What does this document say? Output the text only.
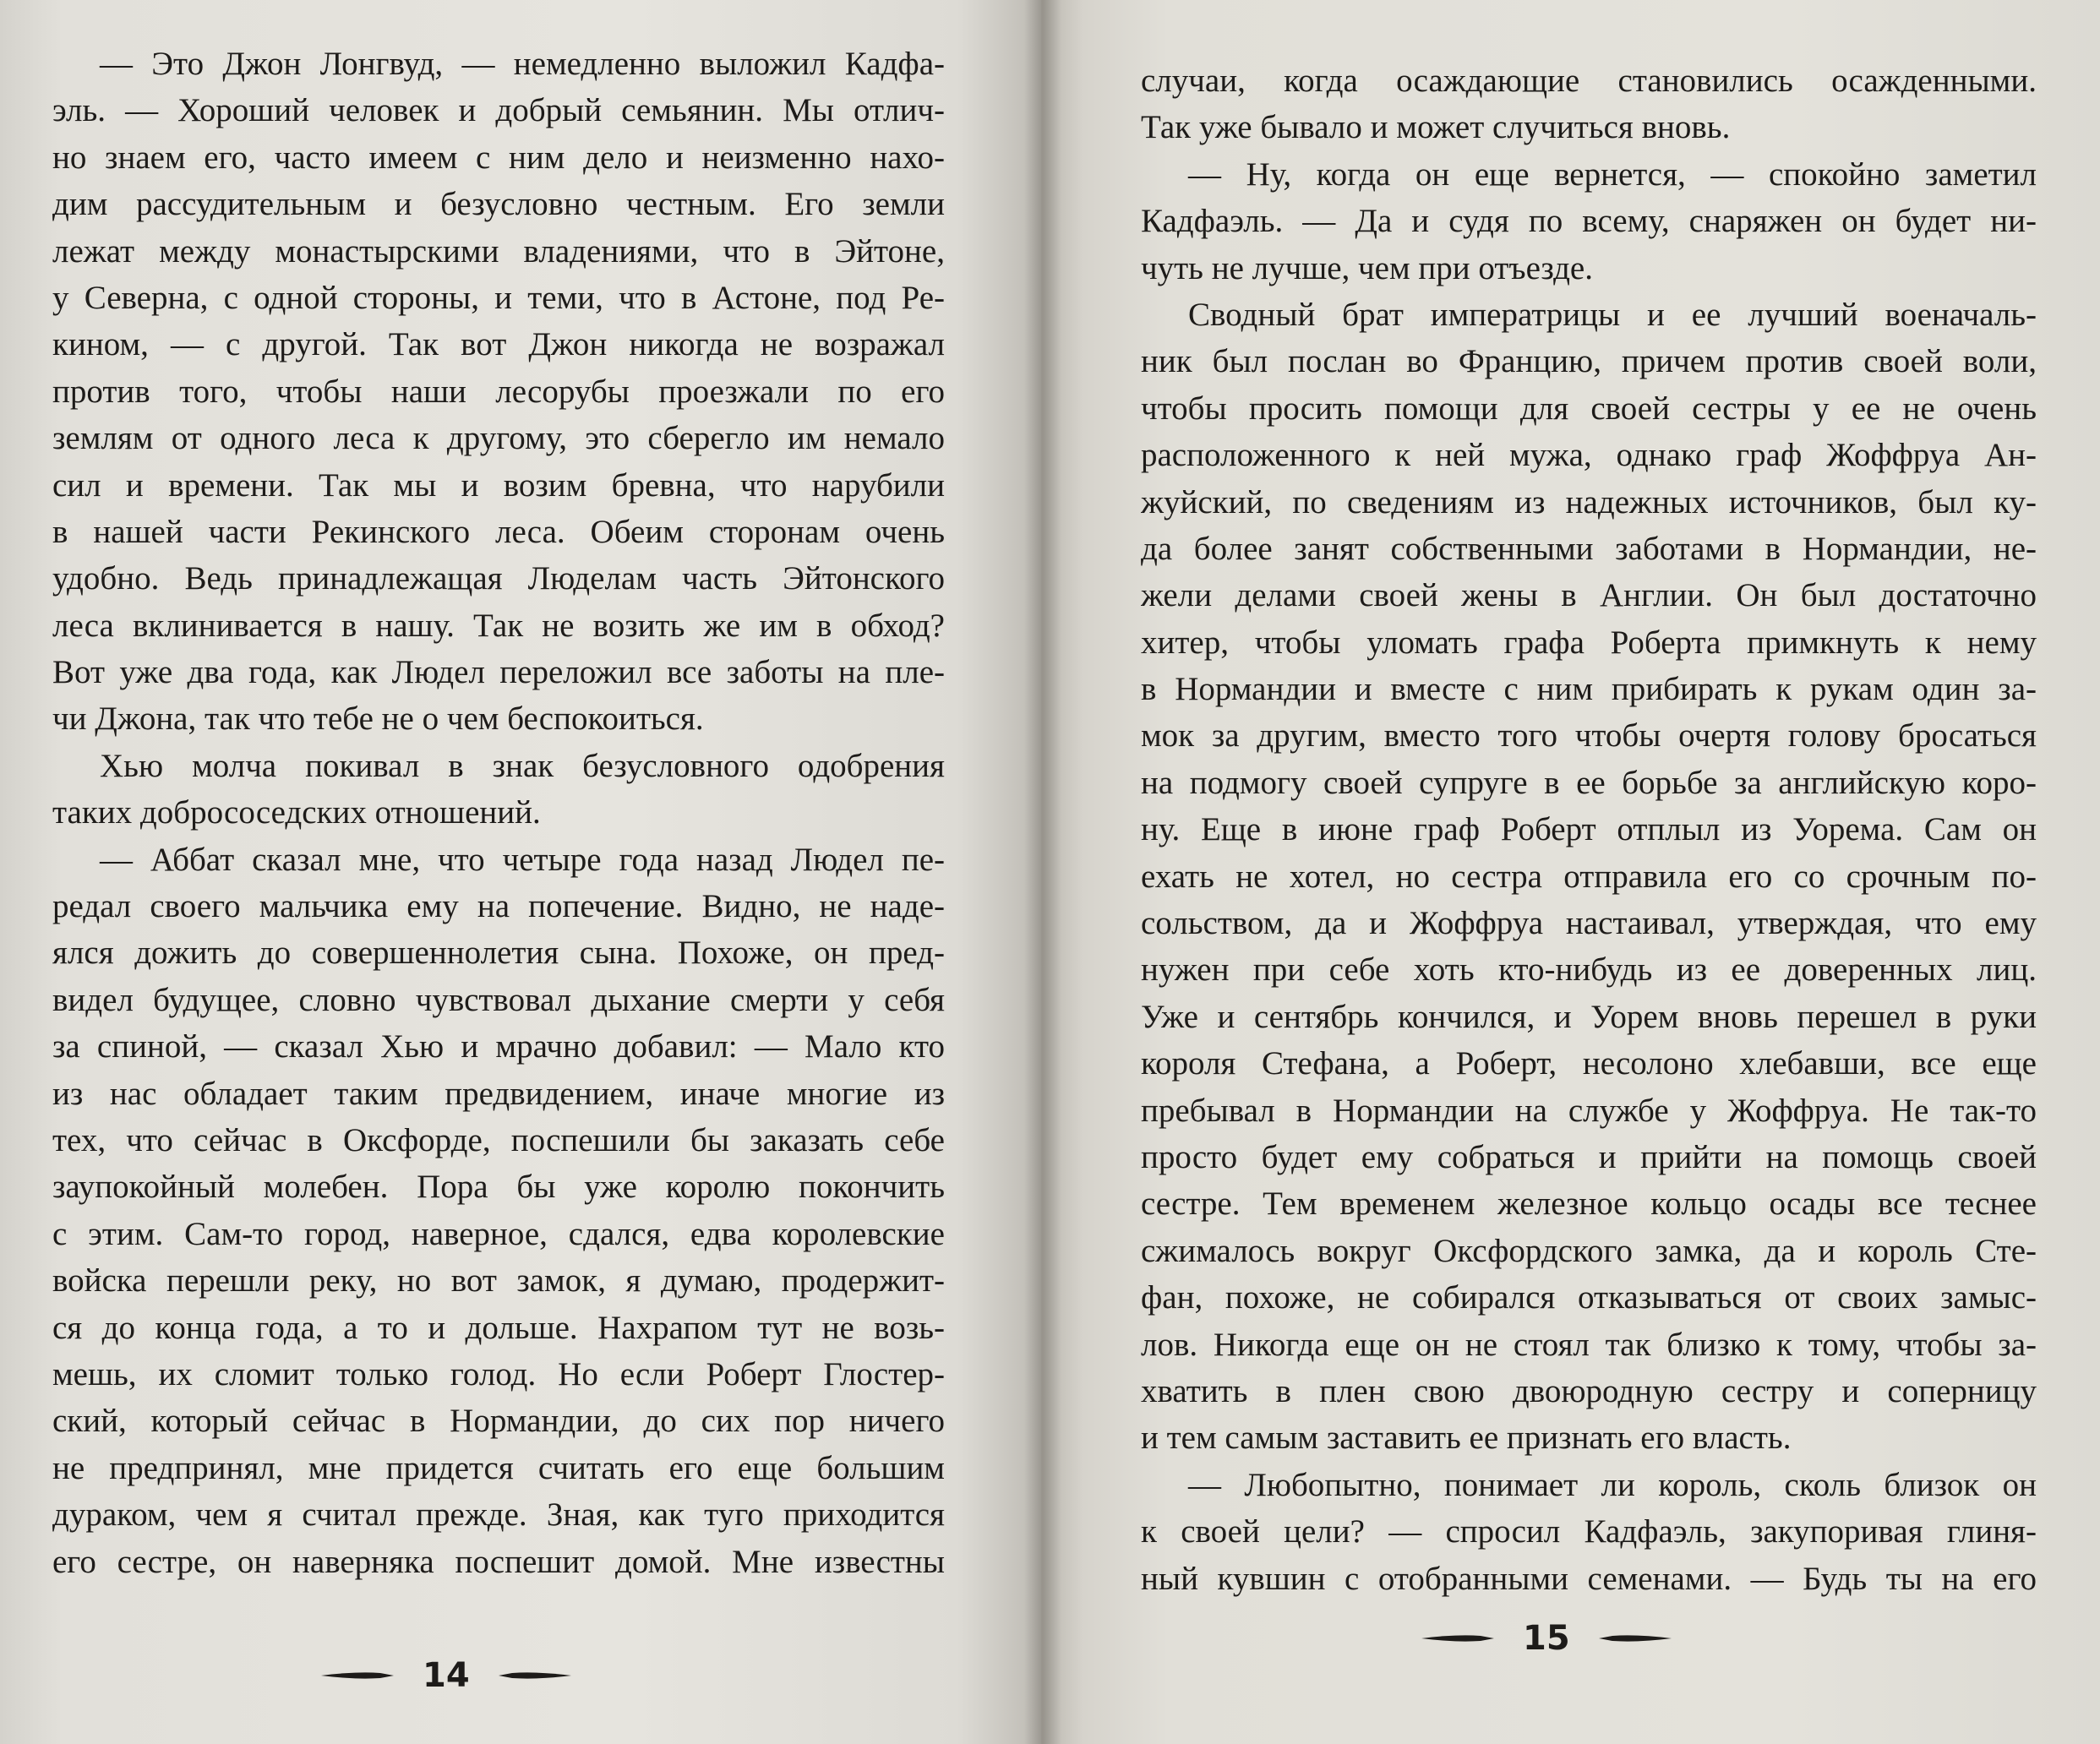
— Это Джон Лонгвуд, — немедленно выложил Кадфа-
эль. — Хороший человек и добрый семьянин. Мы отлич-
но знаем его, часто имеем с ним дело и неизменно нахо-
дим рассудительным и безусловно честным. Его земли
лежат между монастырскими владениями, что в Эйтоне,
у Северна, с одной стороны, и теми, что в Астоне, под Ре-
кином, — с другой. Так вот Джон никогда не возражал
против того, чтобы наши лесорубы проезжали по его
землям от одного леса к другому, это сберегло им немало
сил и времени. Так мы и возим бревна, что нарубили
в нашей части Рекинского леса. Обеим сторонам очень
удобно. Ведь принадлежащая Людeлам часть Эйтонского
леса вклинивается в нашу. Так не возить же им в обход?
Вот уже два года, как Людел переложил все заботы на пле-
чи Джона, так что тебе не о чем беспокоиться.
Хью молча покивал в знак безусловного одобрения
таких добрососедских отношений.
— Аббат сказал мне, что четыре года назад Людел пе-
редал своего мальчика ему на попечение. Видно, не наде-
ялся дожить до совершеннолетия сына. Похоже, он пред-
видел будущее, словно чувствовал дыхание смерти у себя
за спиной, — сказал Хью и мрачно добавил: — Мало кто
из нас обладает таким предвидением, иначе многие из
тех, что сейчас в Оксфорде, поспешили бы заказать себе
заупокойный молебен. Пора бы уже королю покончить
с этим. Сам-то город, наверное, сдался, едва королевские
войска перешли реку, но вот замок, я думаю, продержит-
ся до конца года, а то и дольше. Нахрапом тут не возь-
мешь, их сломит только голод. Но если Роберт Глостер-
ский, который сейчас в Нормандии, до сих пор ничего
не предпринял, мне придется считать его еще большим
дураком, чем я считал прежде. Зная, как туго приходится
его сестре, он наверняка поспешит домой. Мне известны
14
случаи, когда осаждающие становились осажденными.
Так уже бывало и может случиться вновь.
— Ну, когда он еще вернется, — спокойно заметил
Кадфаэль. — Да и судя по всему, снаряжен он будет ни-
чуть не лучше, чем при отъезде.
Сводный брат императрицы и ее лучший военачаль-
ник был послан во Францию, причем против своей воли,
чтобы просить помощи для своей сестры у ее не очень
расположенного к ней мужа, однако граф Жоффруа Ан-
жуйский, по сведениям из надежных источников, был ку-
да более занят собственными заботами в Нормандии, не-
жели делами своей жены в Англии. Он был достаточно
хитер, чтобы уломать графа Роберта примкнуть к нему
в Нормандии и вместе с ним прибирать к рукам один за-
мок за другим, вместо того чтобы очертя голову бросаться
на подмогу своей супруге в ее борьбе за английскую коро-
ну. Еще в июне граф Роберт отплыл из Уорема. Сам он
ехать не хотел, но сестра отправила его со срочным по-
сольством, да и Жоффруа настаивал, утверждая, что ему
нужен при себе хоть кто-нибудь из ее доверенных лиц.
Уже и сентябрь кончился, и Уорем вновь перешел в руки
короля Стефана, а Роберт, несолоно хлебавши, все еще
пребывал в Нормандии на службе у Жоффруа. Не так-то
просто будет ему собраться и прийти на помощь своей
сестре. Тем временем железное кольцо осады все теснее
сжималось вокруг Оксфордского замка, да и король Сте-
фан, похоже, не собирался отказываться от своих замыс-
лов. Никогда еще он не стоял так близко к тому, чтобы за-
хватить в плен свою двоюродную сестру и соперницу
и тем самым заставить ее признать его власть.
— Любопытно, понимает ли король, сколь близок он
к своей цели? — спросил Кадфаэль, закупоривая глиня-
ный кувшин с отобранными семенами. — Будь ты на его
15
